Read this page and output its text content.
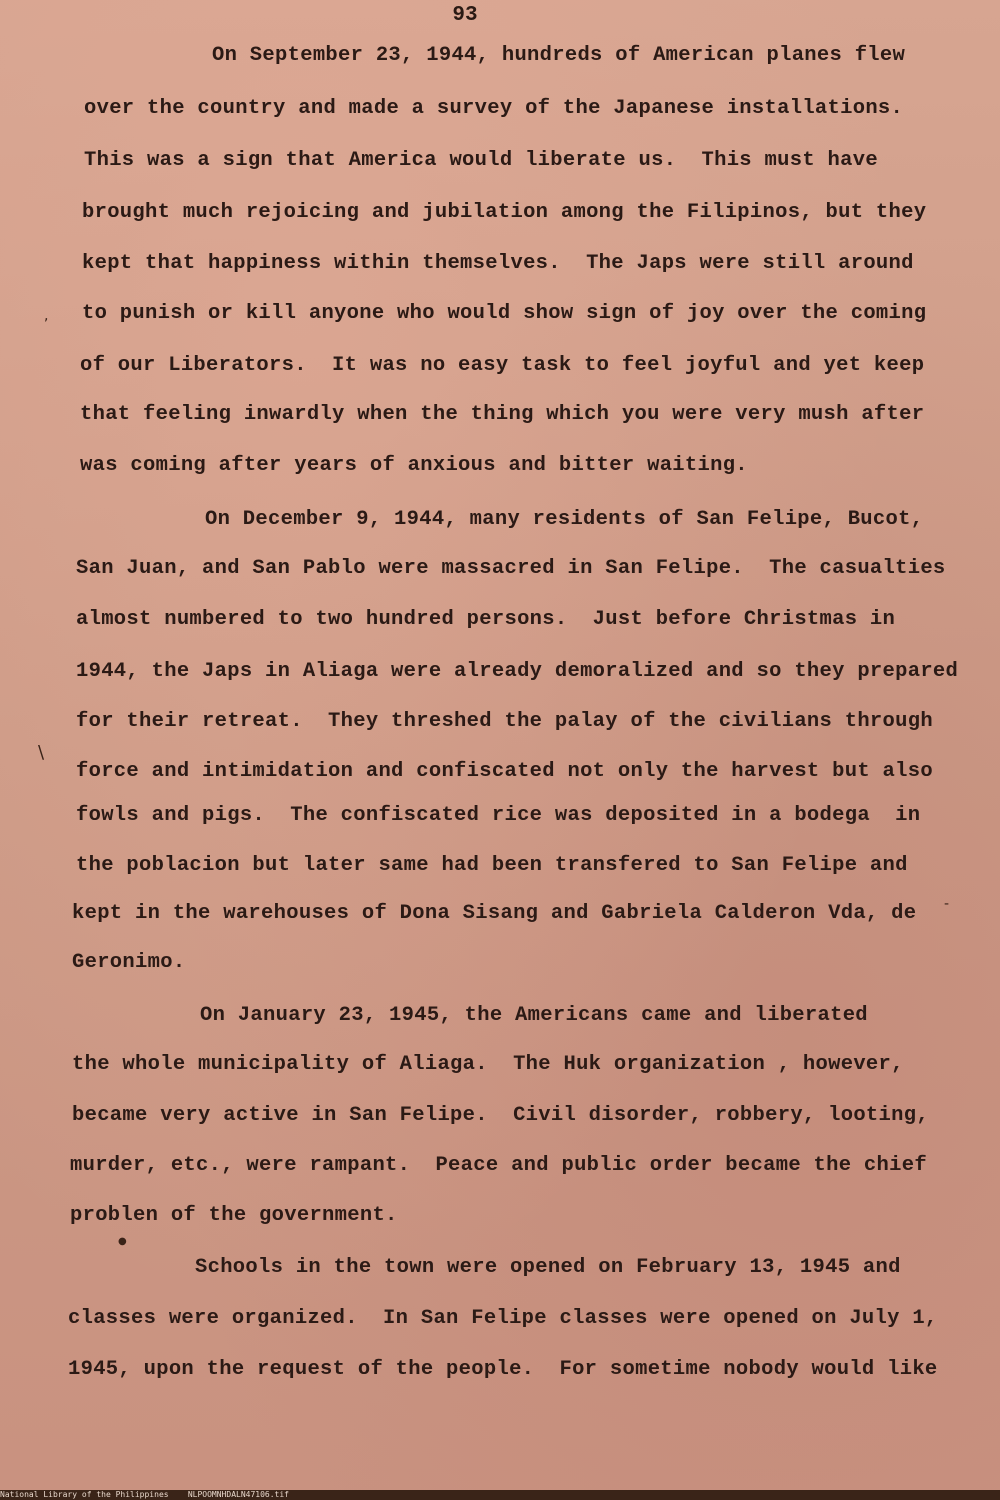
93
On September 23, 1944, hundreds of American planes flew
over the country and made a survey of the Japanese installations.
This was a sign that America would liberate us.  This must have
brought much rejoicing and jubilation among the Filipinos, but they
kept that happiness within themselves.  The Japs were still around
to punish or kill anyone who would show sign of joy over the coming
of our Liberators.  It was no easy task to feel joyful and yet keep
that feeling inwardly when the thing which you were very mush after
was coming after years of anxious and bitter waiting.
On December 9, 1944, many residents of San Felipe, Bucot,
San Juan, and San Pablo were massacred in San Felipe.  The casualties
almost numbered to two hundred persons.  Just before Christmas in
1944, the Japs in Aliaga were already demoralized and so they prepared
for their retreat.  They threshed the palay of the civilians through
force and intimidation and confiscated not only the harvest but also
fowls and pigs.  The confiscated rice was deposited in a bodega  in
the poblacion but later same had been transfered to San Felipe and
kept in the warehouses of Dona Sisang and Gabriela Calderon Vda, de
Geronimo.
On January 23, 1945, the Americans came and liberated
the whole municipality of Aliaga.  The Huk organization , however,
became very active in San Felipe.  Civil disorder, robbery, looting,
murder, etc., were rampant.  Peace and public order became the chief
problen of the government.
Schools in the town were opened on February 13, 1945 and
classes were organized.  In San Felipe classes were opened on July 1,
1945, upon the request of the people.  For sometime nobody would like
,
\
●
-
National Library of the Philippines NLPOOMNHDALN47106.tif
